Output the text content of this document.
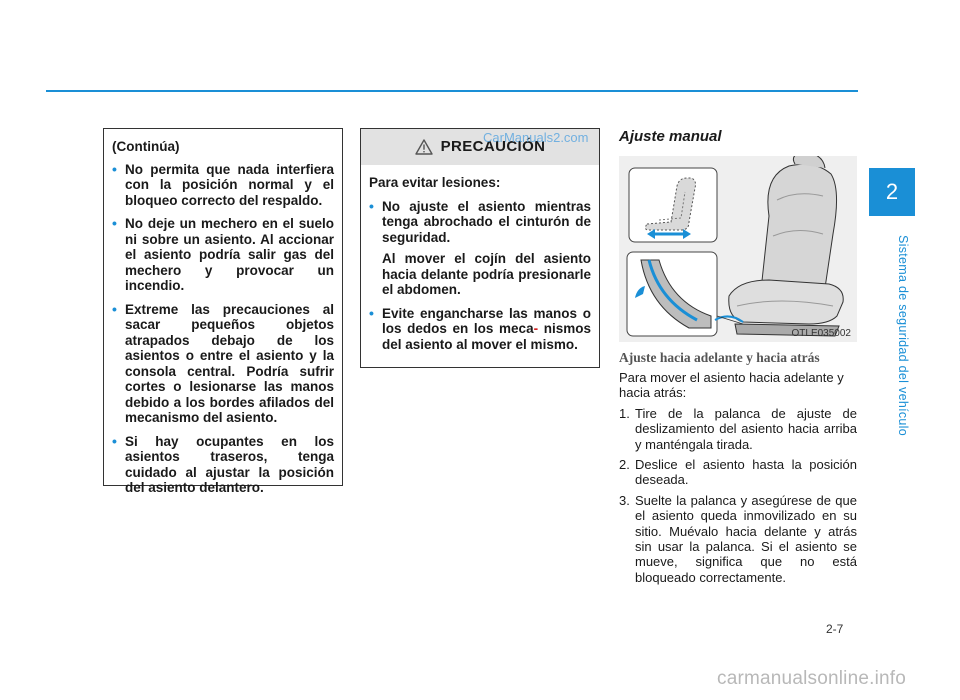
2
Sistema de seguridad del vehículo
2-7
(Continúa)
• No permita que nada interfiera con la posición normal y el bloqueo correcto del respaldo.
• No deje un mechero en el suelo ni sobre un asiento. Al accionar el asiento podría salir gas del mechero y provocar un incendio.
• Extreme las precauciones al sacar pequeños objetos atrapados debajo de los asientos o entre el asiento y la consola central. Podría sufrir cortes o lesionarse las manos debido a los bordes afilados del mecanismo del asiento.
• Si hay ocupantes en los asientos traseros, tenga cuidado al ajustar la posición del asiento delantero.
PRECAUCIÓN
Para evitar lesiones:
• No ajuste el asiento mientras tenga abrochado el cinturón de seguridad.
Al mover el cojín del asiento hacia delante podría presionarle el abdomen.
• Evite engancharse las manos o los dedos en los meca- nismos del asiento al mover el mismo.
CarManuals2.com Ajuste manual
OTLE035002
Ajuste hacia adelante y hacia atrás

Para mover el asiento hacia adelante y hacia atrás:

1. Tire de la palanca de ajuste de deslizamiento del asiento hacia arriba y manténgala tirada.
2. Deslice el asiento hasta la posición deseada.
3. Suelte la palanca y asegúrese de que el asiento queda inmovilizado en su sitio. Muévalo hacia delante y atrás sin usar la palanca. Si el asiento se mueve, significa que no está bloqueado correctamente.
carmanualsonline.info
